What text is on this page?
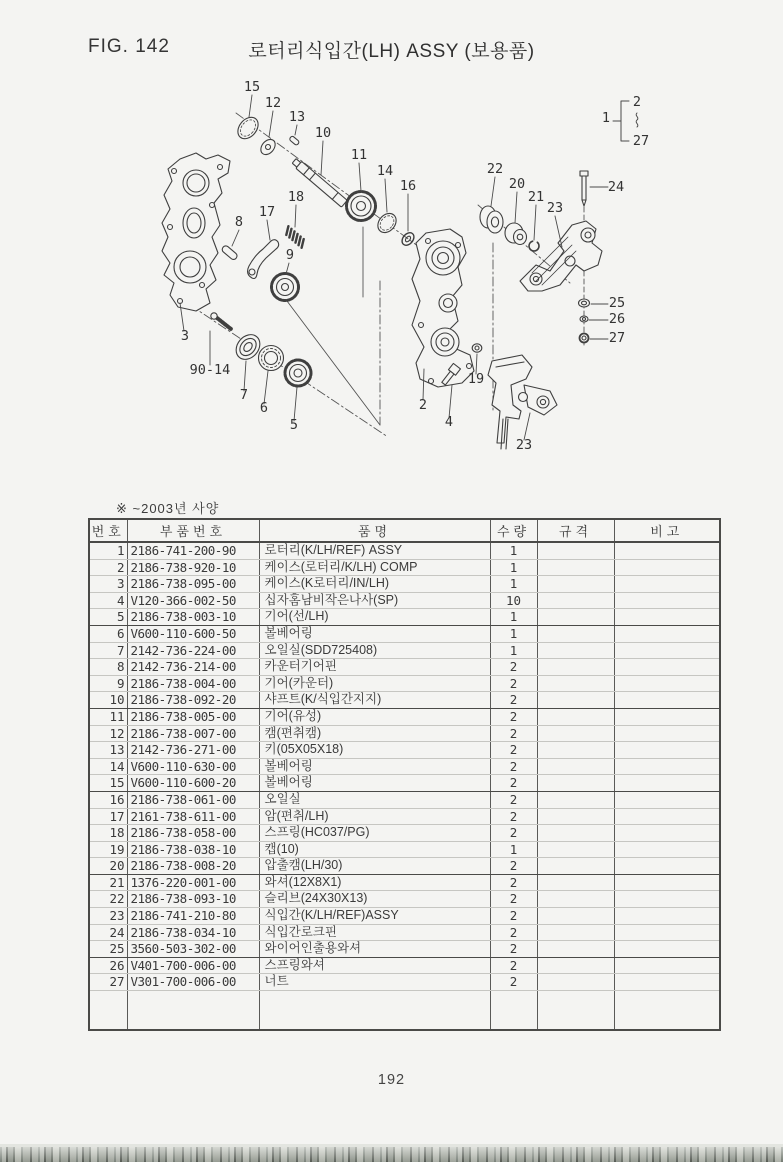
FIG. 142	로터리식입간(LH) ASSY (보용품)
15
12
13
10
11
14
16
22
20
21
23
24
1
2
27
18
17
8
9
3
90-14
7
6
5
2
4
19
23
25
26
27
※ ~2003년 사양
번호	부품번호	품명	수량	규격	비고
1	2186-741-200-90	로터리(K/LH/REF) ASSY	1		
2	2186-738-920-10	케이스(로터리/K/LH) COMP	1		
3	2186-738-095-00	케이스(K로터리/IN/LH)	1		
4	V120-366-002-50	십자홈남비작은나사(SP)	10		
5	2186-738-003-10	기어(선/LH)	1		
6	V600-110-600-50	볼베어링	1		
7	2142-736-224-00	오일실(SDD725408)	1		
8	2142-736-214-00	카운터기어핀	2		
9	2186-738-004-00	기어(카운터)	2		
10	2186-738-092-20	샤프트(K/식입간지지)	2		
11	2186-738-005-00	기어(유성)	2		
12	2186-738-007-00	캠(편취캠)	2		
13	2142-736-271-00	키(05X05X18)	2		
14	V600-110-630-00	볼베어링	2		
15	V600-110-600-20	볼베어링	2		
16	2186-738-061-00	오일실	2		
17	2161-738-611-00	암(편취/LH)	2		
18	2186-738-058-00	스프링(HC037/PG)	2		
19	2186-738-038-10	캡(10)	1		
20	2186-738-008-20	압출캠(LH/30)	2		
21	1376-220-001-00	와셔(12X8X1)	2		
22	2186-738-093-10	슬리브(24X30X13)	2		
23	2186-741-210-80	식입간(K/LH/REF)ASSY	2		
24	2186-738-034-10	식입간로크핀	2		
25	3560-503-302-00	와이어인출용와셔	2		
26	V401-700-006-00	스프링와셔	2		
27	V301-700-006-00	너트	2		

192
